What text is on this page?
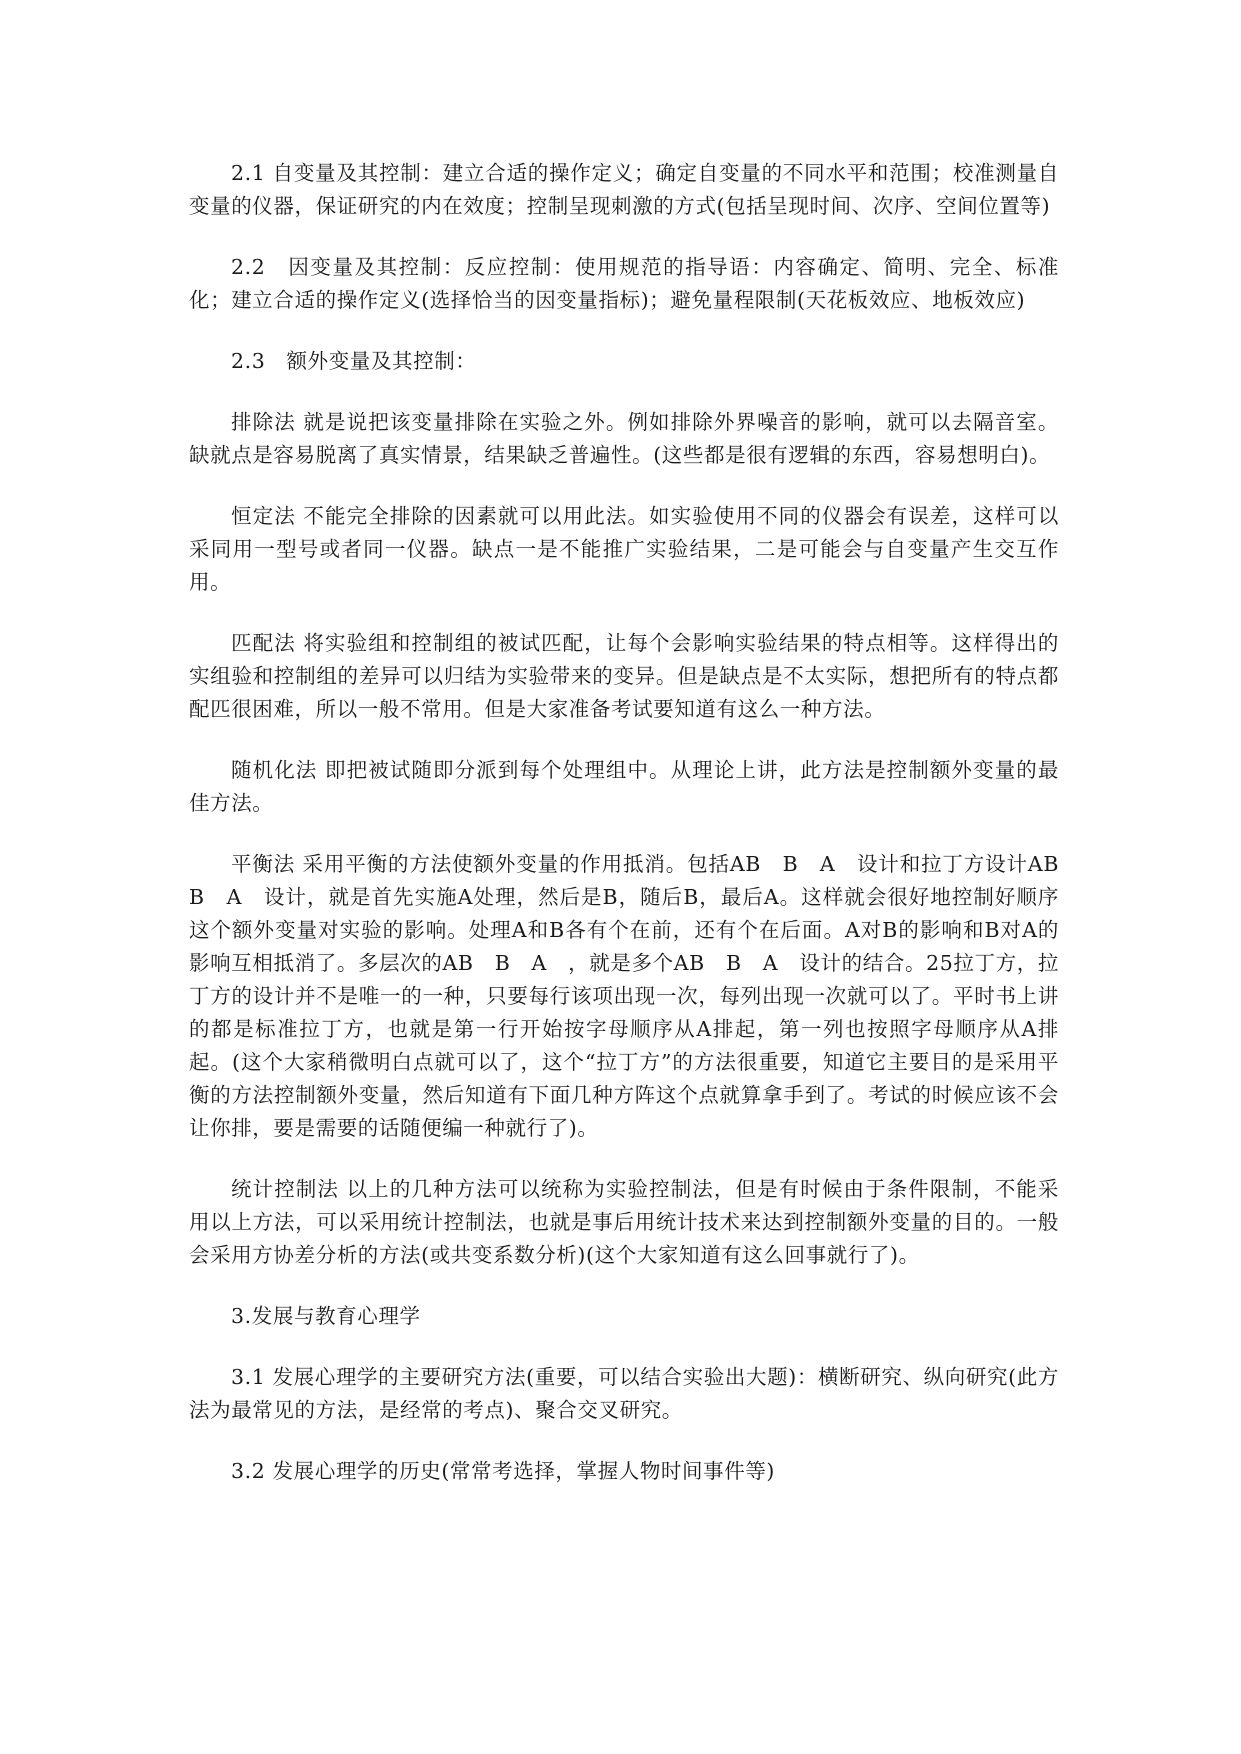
2.1 自变量及其控制：建立合适的操作定义；确定自变量的不同水平和范围；校准测量自变量的仪器，保证研究的内在效度；控制呈现刺激的方式(包括呈现时间、次序、空间位置等)

2.2　因变量及其控制：反应控制：使用规范的指导语：内容确定、简明、完全、标准化；建立合适的操作定义(选择恰当的因变量指标)；避免量程限制(天花板效应、地板效应)

2.3　额外变量及其控制：

排除法 就是说把该变量排除在实验之外。例如排除外界噪音的影响，就可以去隔音室。缺就点是容易脱离了真实情景，结果缺乏普遍性。(这些都是很有逻辑的东西，容易想明白)。

恒定法 不能完全排除的因素就可以用此法。如实验使用不同的仪器会有误差，这样可以采同用一型号或者同一仪器。缺点一是不能推广实验结果，二是可能会与自变量产生交互作用。

匹配法 将实验组和控制组的被试匹配，让每个会影响实验结果的特点相等。这样得出的实组验和控制组的差异可以归结为实验带来的变异。但是缺点是不太实际，想把所有的特点都配匹很困难，所以一般不常用。但是大家准备考试要知道有这么一种方法。

随机化法 即把被试随即分派到每个处理组中。从理论上讲，此方法是控制额外变量的最佳方法。

平衡法 采用平衡的方法使额外变量的作用抵消。包括AB　B　A　设计和拉丁方设计AB　B　A　设计，就是首先实施A处理，然后是B，随后B，最后A。这样就会很好地控制好顺序这个额外变量对实验的影响。处理A和B各有个在前，还有个在后面。A对B的影响和B对A的影响互相抵消了。多层次的AB　B　A　，就是多个AB　B　A　设计的结合。25拉丁方，拉丁方的设计并不是唯一的一种，只要每行该项出现一次，每列出现一次就可以了。平时书上讲的都是标准拉丁方，也就是第一行开始按字母顺序从A排起，第一列也按照字母顺序从A排起。(这个大家稍微明白点就可以了，这个“拉丁方”的方法很重要，知道它主要目的是采用平衡的方法控制额外变量，然后知道有下面几种方阵这个点就算拿手到了。考试的时候应该不会让你排，要是需要的话随便编一种就行了)。

统计控制法 以上的几种方法可以统称为实验控制法，但是有时候由于条件限制，不能采用以上方法，可以采用统计控制法，也就是事后用统计技术来达到控制额外变量的目的。一般会采用方协差分析的方法(或共变系数分析)(这个大家知道有这么回事就行了)。

3.发展与教育心理学

3.1 发展心理学的主要研究方法(重要，可以结合实验出大题)：横断研究、纵向研究(此方法为最常见的方法，是经常的考点)、聚合交叉研究。

3.2 发展心理学的历史(常常考选择，掌握人物时间事件等)
